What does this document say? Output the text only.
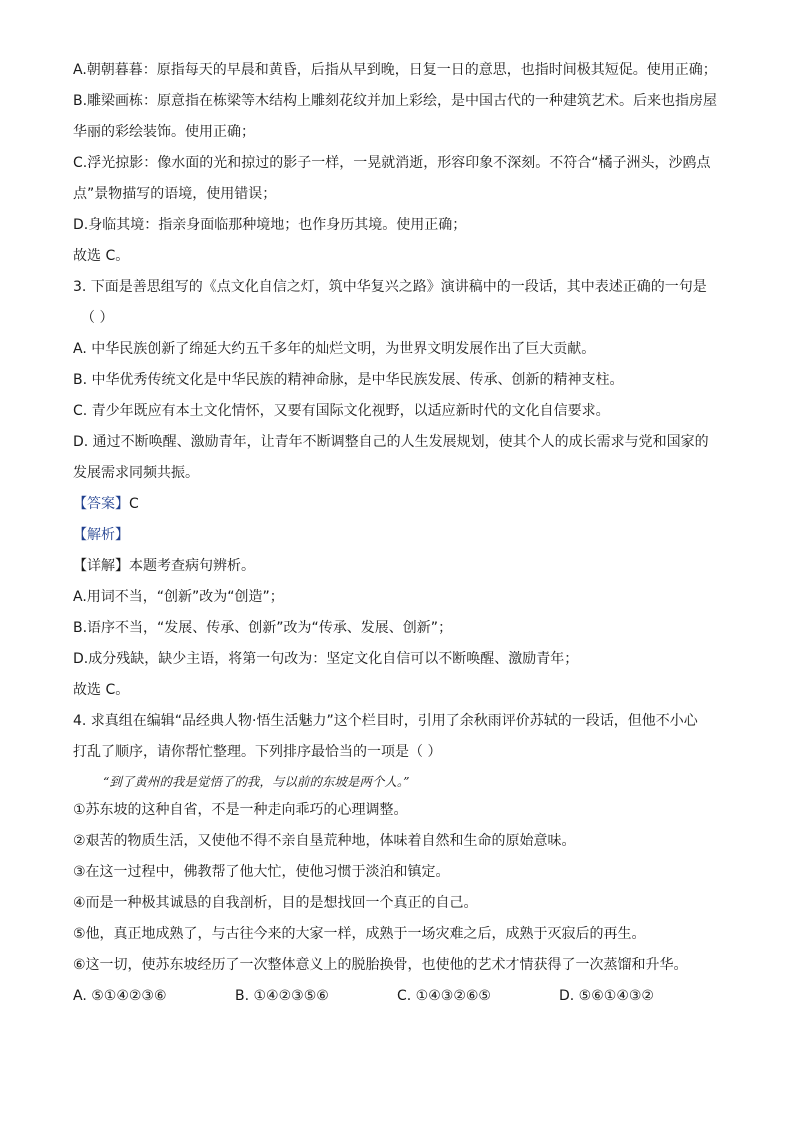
A.朝朝暮暮：原指每天的早晨和黄昏，后指从早到晚，日复一日的意思，也指时间极其短促。使用正确；
B.雕梁画栋：原意指在栋梁等木结构上雕刻花纹并加上彩绘，是中国古代的一种建筑艺术。后来也指房屋
华丽的彩绘装饰。使用正确；
C.浮光掠影：像水面的光和掠过的影子一样，一晃就消逝，形容印象不深刻。不符合“橘子洲头，沙鸥点
点”景物描写的语境，使用错误；
D.身临其境：指亲身面临那种境地；也作身历其境。使用正确；
故选 C。
3. 下面是善思组写的《点文化自信之灯，筑中华复兴之路》演讲稿中的一段话，其中表述正确的一句是
（ ）
A. 中华民族创新了绵延大约五千多年的灿烂文明，为世界文明发展作出了巨大贡献。
B. 中华优秀传统文化是中华民族的精神命脉，是中华民族发展、传承、创新的精神支柱。
C. 青少年既应有本土文化情怀，又要有国际文化视野，以适应新时代的文化自信要求。
D. 通过不断唤醒、激励青年，让青年不断调整自己的人生发展规划，使其个人的成长需求与党和国家的
发展需求同频共振。
【答案】C
【解析】
【详解】本题考查病句辨析。
A.用词不当，“创新”改为“创造”；
B.语序不当，“发展、传承、创新”改为“传承、发展、创新”；
D.成分残缺，缺少主语，将第一句改为：坚定文化自信可以不断唤醒、激励青年；
故选 C。
4. 求真组在编辑“品经典人物·悟生活魅力”这个栏目时，引用了余秋雨评价苏轼的一段话，但他不小心
打乱了顺序，请你帮忙整理。下列排序最恰当的一项是（ ）
“到了黄州的我是觉悟了的我，与以前的东坡是两个人。”
①苏东坡的这种自省，不是一种走向乖巧的心理调整。
②艰苦的物质生活，又使他不得不亲自垦荒种地，体味着自然和生命的原始意味。
③在这一过程中，佛教帮了他大忙，使他习惯于淡泊和镇定。
④而是一种极其诚恳的自我剖析，目的是想找回一个真正的自己。
⑤他，真正地成熟了，与古往今来的大家一样，成熟于一场灾难之后，成熟于灭寂后的再生。
⑥这一切，使苏东坡经历了一次整体意义上的脱胎换骨，也使他的艺术才情获得了一次蒸馏和升华。
A. ⑤①④②③⑥	B. ①④②③⑤⑥	C. ①④③②⑥⑤	D. ⑤⑥①④③②
